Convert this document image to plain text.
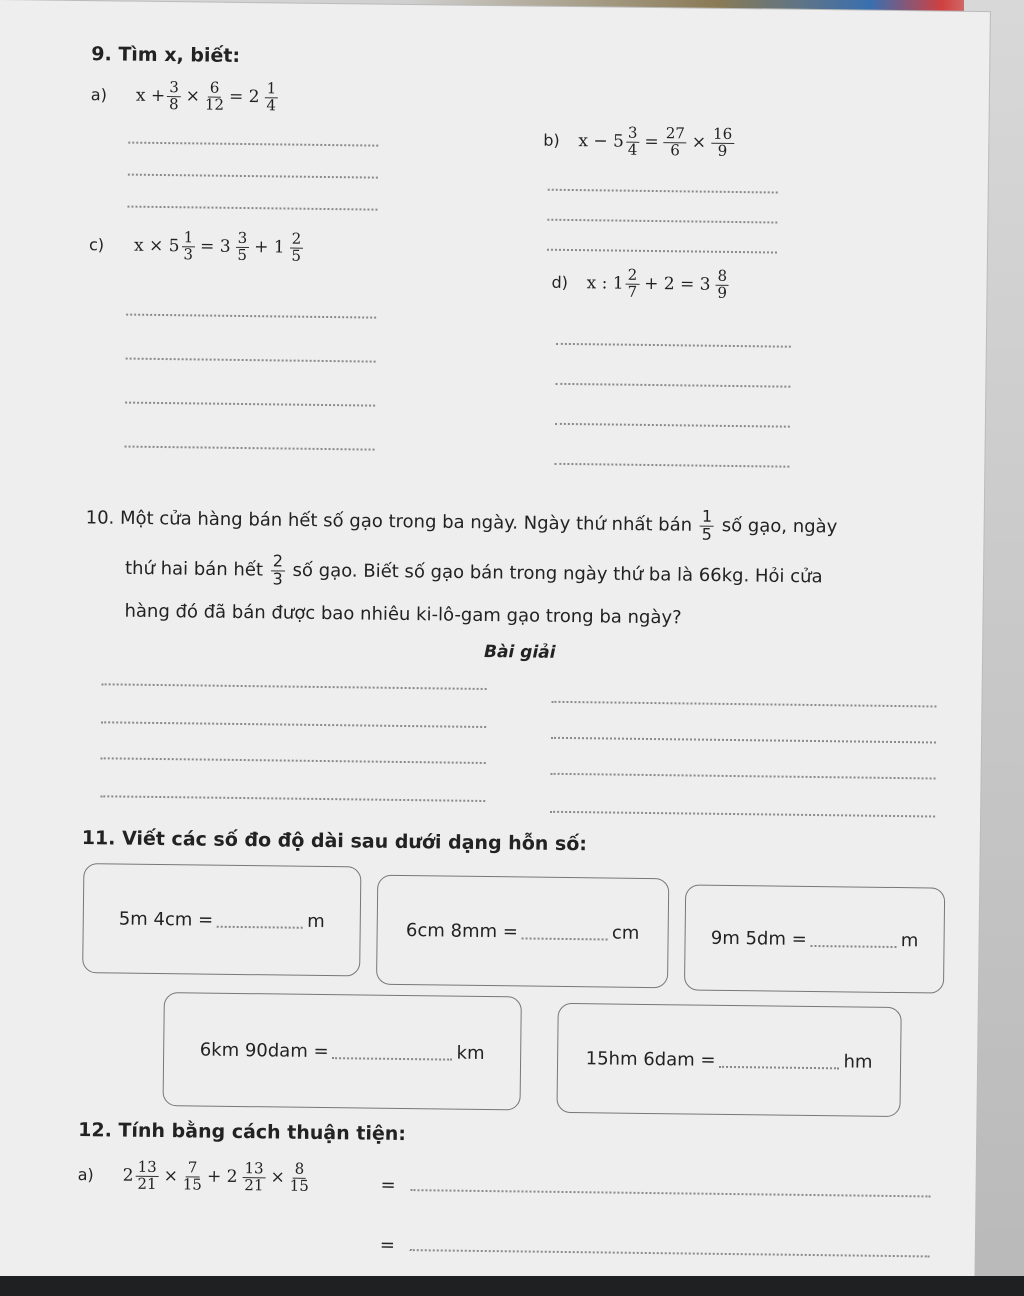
9. Tìm x, biết:
a) $x + \frac{3}{8} \times \frac{6}{12} = 2 \frac{1}{4}$
b) $x - 5 \frac{3}{4} = \frac{27}{6} \times \frac{16}{9}$
c) $x \times 5 \frac{1}{3} = 3 \frac{3}{5} + 1 \frac{2}{5}$
d) x : $1 \frac{2}{7} + 2 = 3 \frac{8}{9}$
10. Một cửa hàng bán hết số gạo trong ba ngày. Ngày thứ nhất bán $\frac{1}{5}$ số gạo, ngày
thứ hai bán hết $\frac{2}{3}$ số gạo. Biết số gạo bán trong ngày thứ ba là 66kg. Hỏi cửa
hàng đó đã bán được bao nhiêu ki-lô-gam gạo trong ba ngày?
Bài giải
11. Viết các số đo độ dài sau dưới dạng hỗn số:
5m 4cm =	m	6cm 8mm =	cm	9m 5dm =	m
6km 90dam =	km	15hm 6dam =	hm
12. Tính bằng cách thuận tiện:
a) $2 \frac{13}{21} \times \frac{7}{15} + 2 \frac{13}{21} \times \frac{8}{15}$	=
=
